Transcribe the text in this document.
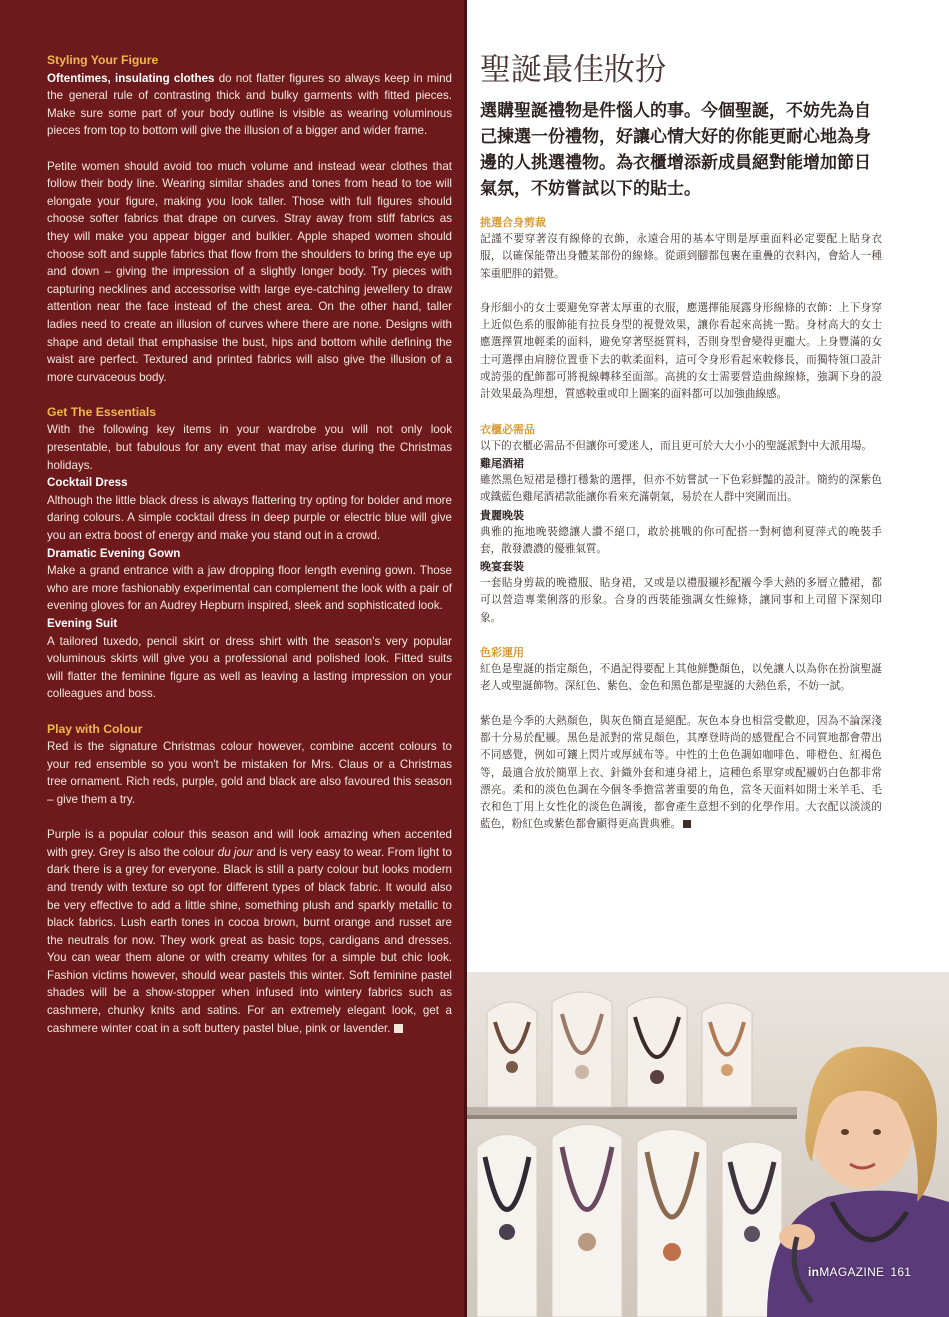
Styling Your Figure

Oftentimes, insulating clothes do not flatter figures so always keep in mind the general rule of contrasting thick and bulky garments with fitted pieces. Make sure some part of your body outline is visible as wearing voluminous pieces from top to bottom will give the illusion of a bigger and wider frame.

Petite women should avoid too much volume and instead wear clothes that follow their body line. Wearing similar shades and tones from head to toe will elongate your figure, making you look taller. Those with full figures should choose softer fabrics that drape on curves. Stray away from stiff fabrics as they will make you appear bigger and bulkier. Apple shaped women should choose soft and supple fabrics that flow from the shoulders to bring the eye up and down – giving the impression of a slightly longer body. Try pieces with capturing necklines and accessorise with large eye-catching jewellery to draw attention near the face instead of the chest area. On the other hand, taller ladies need to create an illusion of curves where there are none. Designs with shape and detail that emphasise the bust, hips and bottom while defining the waist are perfect. Textured and printed fabrics will also give the illusion of a more curvaceous body.

Get The Essentials

With the following key items in your wardrobe you will not only look presentable, but fabulous for any event that may arise during the Christmas holidays.

Cocktail Dress

Although the little black dress is always flattering try opting for bolder and more daring colours. A simple cocktail dress in deep purple or electric blue will give you an extra boost of energy and make you stand out in a crowd.

Dramatic Evening Gown

Make a grand entrance with a jaw dropping floor length evening gown. Those who are more fashionably experimental can complement the look with a pair of evening gloves for an Audrey Hepburn inspired, sleek and sophisticated look.

Evening Suit

A tailored tuxedo, pencil skirt or dress shirt with the season's very popular voluminous skirts will give you a professional and polished look. Fitted suits will flatter the feminine figure as well as leaving a lasting impression on your colleagues and boss.

Play with Colour

Red is the signature Christmas colour however, combine accent colours to your red ensemble so you won't be mistaken for Mrs. Claus or a Christmas tree ornament. Rich reds, purple, gold and black are also favoured this season – give them a try.

Purple is a popular colour this season and will look amazing when accented with grey. Grey is also the colour du jour and is very easy to wear. From light to dark there is a grey for everyone. Black is still a party colour but looks modern and trendy with texture so opt for different types of black fabric. It would also be very effective to add a little shine, something plush and sparkly metallic to black fabrics. Lush earth tones in cocoa brown, burnt orange and russet are the neutrals for now. They work great as basic tops, cardigans and dresses. You can wear them alone or with creamy whites for a simple but chic look. Fashion victims however, should wear pastels this winter. Soft feminine pastel shades will be a show-stopper when infused into wintery fabrics such as cashmere, chunky knits and satins. For an extremely elegant look, get a cashmere winter coat in a soft buttery pastel blue, pink or lavender.

聖誕最佳妝扮

選購聖誕禮物是件惱人的事。今個聖誕，不妨先為自己揀選一份禮物，好讓心情大好的你能更耐心地為身邊的人挑選禮物。為衣櫃增添新成員絕對能增加節日氣氛，不妨嘗試以下的貼士。

挑選合身剪裁

記謹不要穿著沒有線條的衣飾，永遠合用的基本守則是厚重面料必定要配上貼身衣服，以確保能帶出身體某部份的線條。從頭到腳都包裹在重疊的衣料內，會給人一種笨重肥胖的錯覺。

身形細小的女士要避免穿著太厚重的衣服，應選擇能展露身形線條的衣飾：上下身穿上近似色系的服飾能有拉長身型的視覺效果，讓你看起來高挑一點。身材高大的女士應選擇質地輕柔的面料，避免穿著堅挺質料，否則身型會變得更龐大。上身豐滿的女士可選擇由肩膀位置垂下去的軟柔面料，這可令身形看起來較修長，而獨特領口設計或誇張的配飾都可將視線轉移至面部。高挑的女士需要營造曲線線條，強調下身的設計效果最為理想，質感較重或印上圖案的面料都可以加強曲線感。

衣櫃必需品

以下的衣櫃必需品不但讓你可愛迷人，而且更可於大大小小的聖誕派對中大派用場。

雞尾酒裙

雖然黑色短裙是穩打穩紮的選擇，但亦不妨嘗試一下色彩鮮豔的設計。簡約的深紫色或鐵藍色雞尾酒裙款能讓你看來充滿朝氣，易於在人群中突圍而出。

貴麗晚裝

典雅的拖地晚裝總讓人讚不絕口，敢於挑戰的你可配搭一對柯德利夏萍式的晚裝手套，散發濃濃的優雅氣質。

晚宴套裝

一套貼身剪裁的晚禮服、貼身裙，又或是以禮服襯衫配襯今季大熱的多層立體裙，都可以營造專業俐落的形象。合身的西裝能強調女性線條，讓同事和上司留下深刻印象。

色彩運用

紅色是聖誕的指定顏色，不過記得要配上其他鮮艷顏色，以免讓人以為你在扮演聖誕老人或聖誕飾物。深紅色、紫色、金色和黑色都是聖誕的大熱色系，不妨一試。

紫色是今季的大熱顏色，與灰色簡直是絕配。灰色本身也相當受歡迎，因為不論深淺都十分易於配襯。黑色是派對的常見顏色，其摩登時尚的感覺配合不同質地都會帶出不同感覺，例如可鑲上閃片或厚絨布等。中性的土色色調如咖啡色、啡橙色、紅褐色等，最適合放於簡單上衣、針織外套和連身裙上，這種色系單穿或配襯奶白色都非常漂亮。柔和的淡色色調在今個冬季擔當著重要的角色，當冬天面料如開士米羊毛、毛衣和色丁用上女性化的淡色色調後，都會產生意想不到的化學作用。大衣配以淡淡的藍色，粉紅色或紫色都會顯得更高貴典雅。

inMAGAZINE 161
